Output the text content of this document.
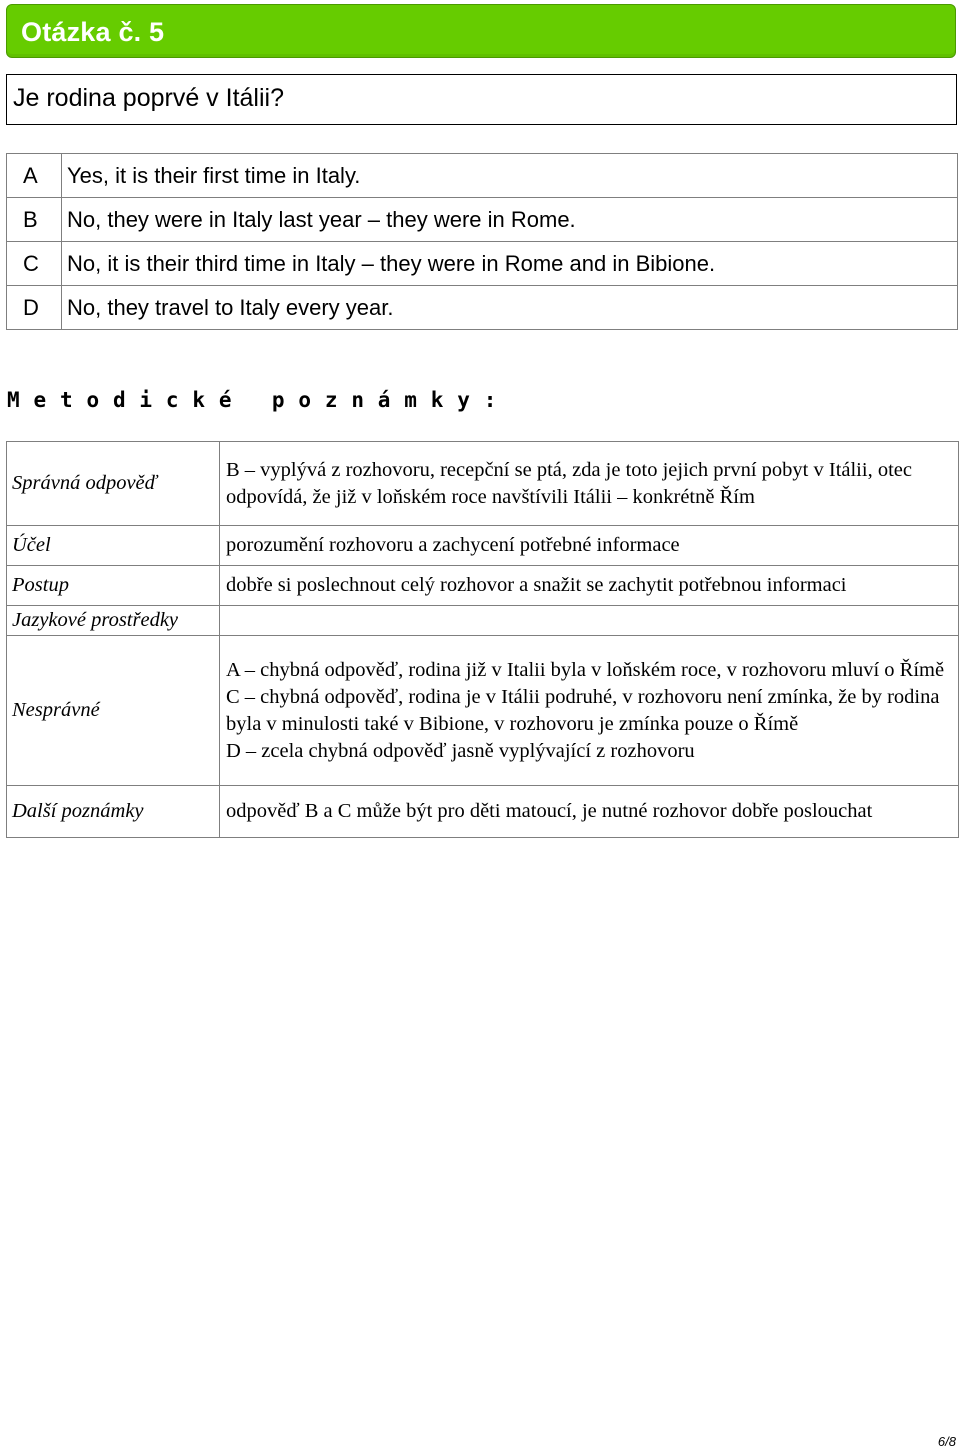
Otázka č. 5
Je rodina poprvé v Itálii?
A	Yes, it is their first time in Italy.
B	No, they were in Italy last year – they were in Rome.
C	No, it is their third time in Italy – they were in Rome and in Bibione.
D	No, they travel to Italy every year.
M e t o d i c k é   p o z n á m k y :
Správná odpověď	B – vyplývá z rozhovoru, recepční se ptá, zda je toto jejich první pobyt v Itálii, otec odpovídá, že již v loňském roce navštívili Itálii – konkrétně Řím
Účel	porozumění rozhovoru a zachycení potřebné informace
Postup	dobře si poslechnout celý rozhovor a snažit se zachytit potřebnou informaci
Jazykové prostředky	
Nesprávné	A – chybná odpověď, rodina již v Italii byla v loňském roce, v rozhovoru mluví o Římě
C – chybná odpověď, rodina je v Itálii podruhé, v rozhovoru není zmínka, že by rodina byla v minulosti také v Bibione, v rozhovoru je zmínka pouze o Římě
D – zcela chybná odpověď jasně vyplývající z rozhovoru

Další poznámky	odpověď B a C může být pro děti matoucí, je nutné rozhovor dobře poslouchat
6/8
